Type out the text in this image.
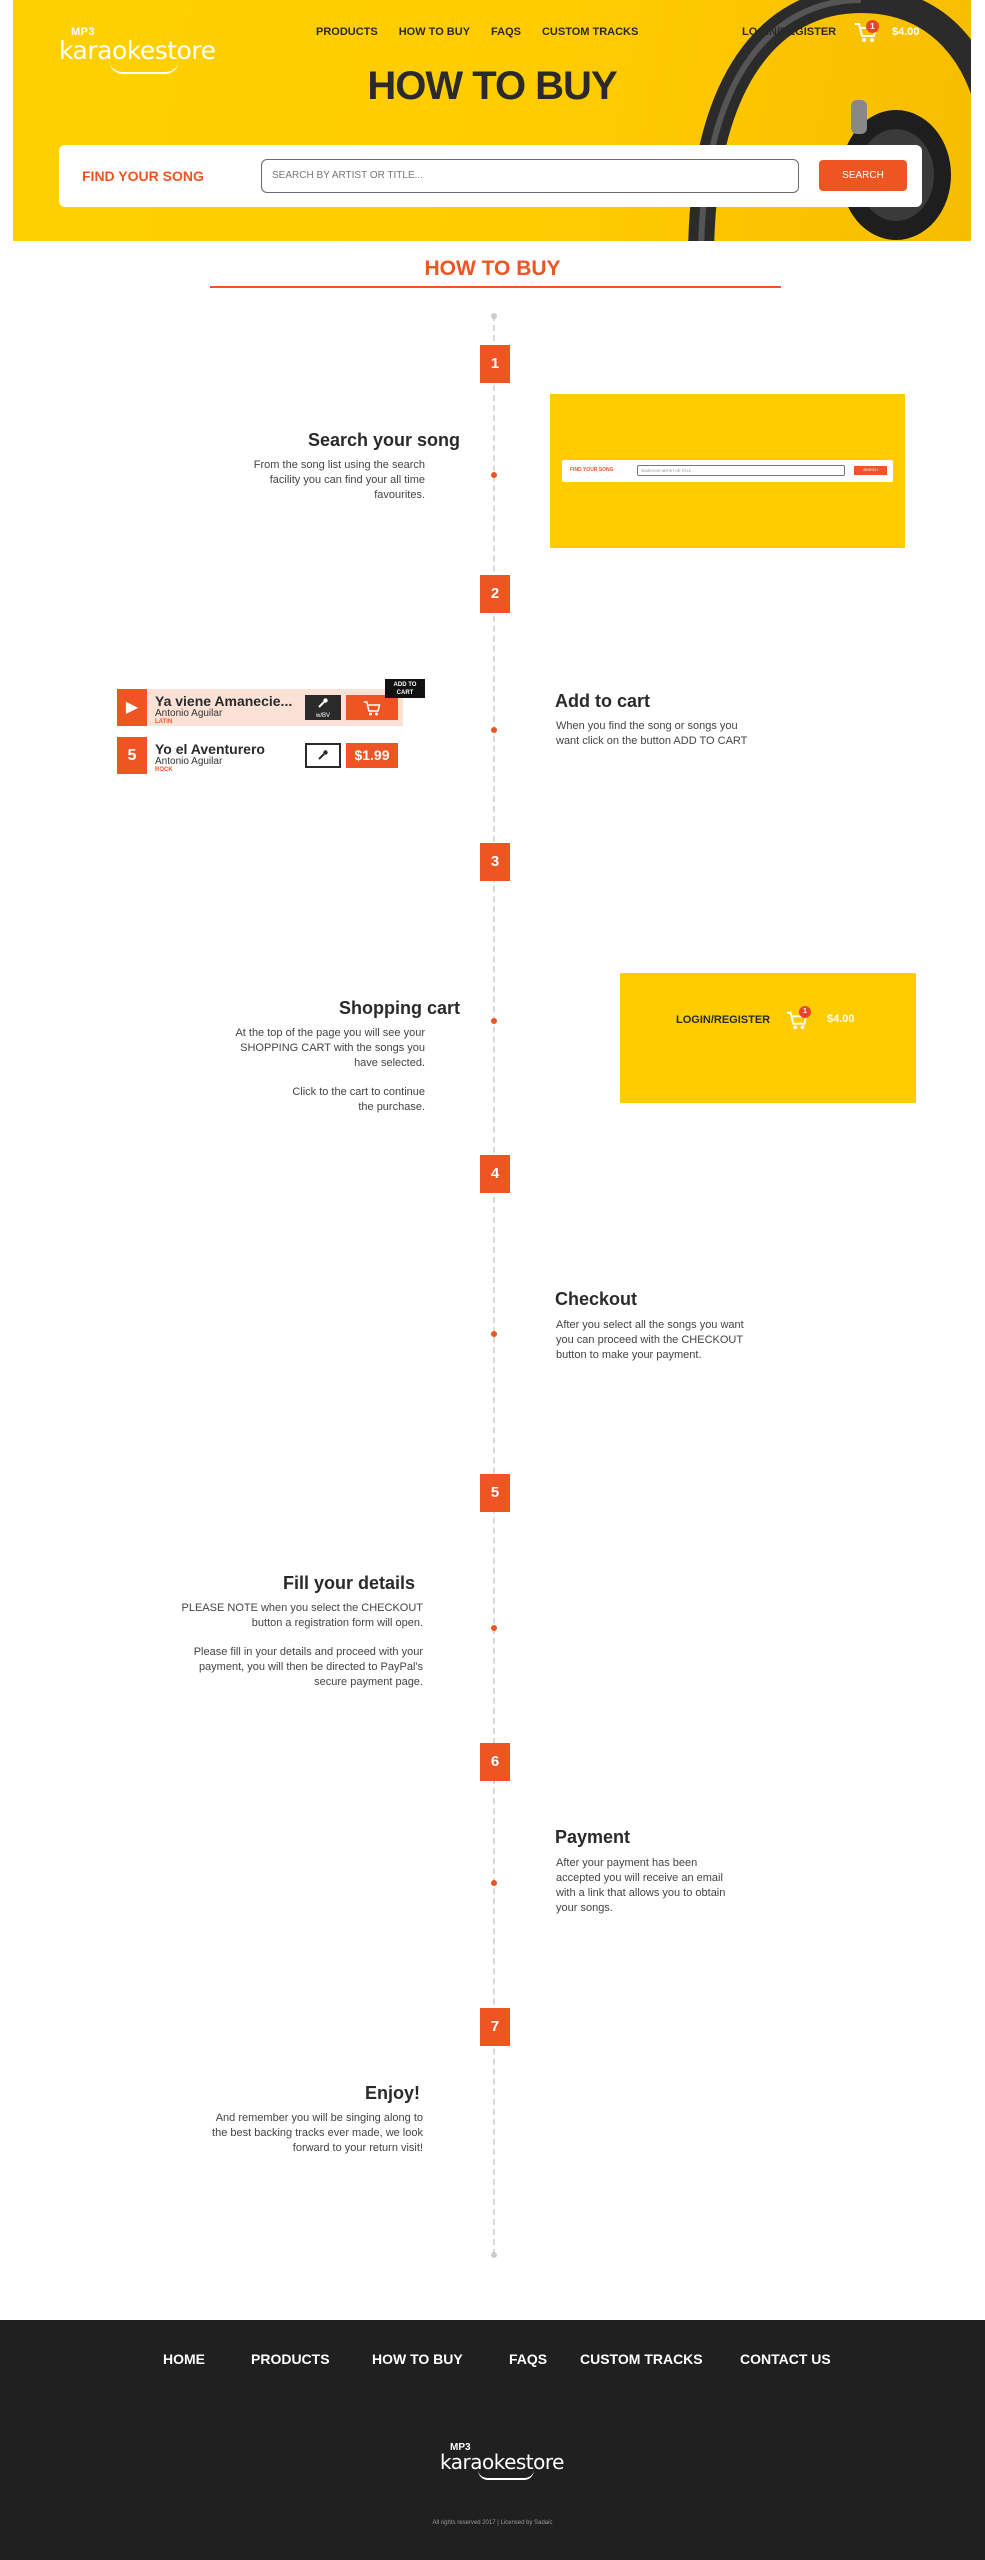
MP3
karaokestore
PRODUCTS HOW TO BUY FAQS CUSTOM TRACKS	LOGIN/REGISTER	1	$4.00
HOW TO BUY
FIND YOUR SONG	SEARCH BY ARTIST OR TITLE...	SEARCH
HOW TO BUY
1
Search your song

From the song list using the search facility you can find your all time favourites.

FIND YOUR SONG	SEARCH BY ARTIST OR TITLE...	SEARCH
2
Add to cart

When you find the song or songs you want click on the button ADD TO CART

▶	Ya viene Amanecie...
Antonio Aguilar
LATIN

w/BV
ADD TO CART
5	Yo el Aventurero
Antonio Aguilar
ROCK
$1.99
3
Shopping cart

At the top of the page you will see your SHOPPING CART with the songs you have selected.

Click to the cart to continue the purchase.

LOGIN/REGISTER
1
$4.00
4
Checkout

After you select all the songs you want you can proceed with the CHECKOUT button to make your payment.

5
Fill your details

PLEASE NOTE when you select the CHECKOUT button a registration form will open.

Please fill in your details and proceed with your payment, you will then be directed to PayPal's secure payment page.

6
Payment

After your payment has been accepted you will receive an email with a link that allows you to obtain your songs.

7
Enjoy!

And remember you will be singing along to the best backing tracks ever made, we look forward to your return visit!

HOME	PRODUCTS	HOW TO BUY	FAQS CUSTOM TRACKS	CONTACT US
MP3
karaokestore
All rights reserved 2017 | Licensed by Sadaic
